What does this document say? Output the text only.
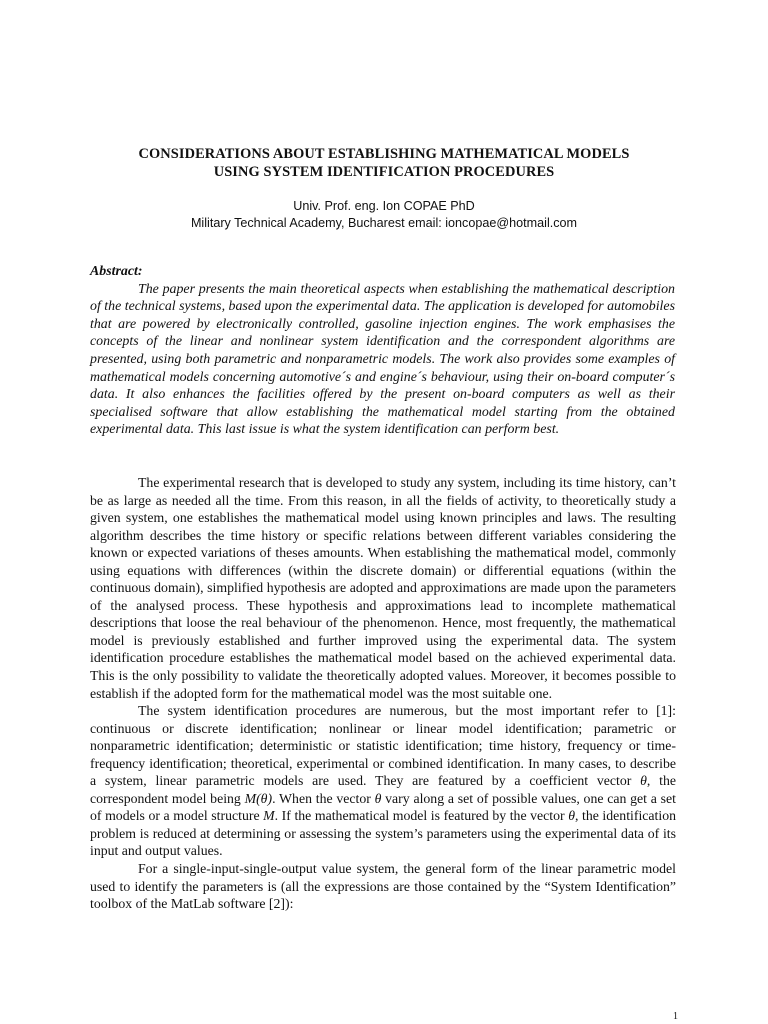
CONSIDERATIONS ABOUT ESTABLISHING MATHEMATICAL MODELS
USING SYSTEM IDENTIFICATION PROCEDURES
Univ. Prof. eng. Ion COPAE PhD
Military Technical Academy, Bucharest email: ioncopae@hotmail.com
Abstract:

The paper presents the main theoretical aspects when establishing the mathematical description of the technical systems, based upon the experimental data. The application is developed for automobiles that are powered by electronically controlled, gasoline injection engines. The work emphasises the concepts of the linear and nonlinear system identification and the correspondent algorithms are presented, using both parametric and nonparametric models. The work also provides some examples of mathematical models concerning automotive´s and engine´s behaviour, using their on-board computer´s data. It also enhances the facilities offered by the present on-board computers as well as their specialised software that allow establishing the mathematical model starting from the obtained experimental data. This last issue is what the system identification can perform best.

The experimental research that is developed to study any system, including its time history, can’t be as large as needed all the time. From this reason, in all the fields of activity, to theoretically study a given system, one establishes the mathematical model using known principles and laws. The resulting algorithm describes the time history or specific relations between different variables considering the known or expected variations of theses amounts. When establishing the mathematical model, commonly using equations with differences (within the discrete domain) or differential equations (within the continuous domain), simplified hypothesis are adopted and approximations are made upon the parameters of the analysed process. These hypothesis and approximations lead to incomplete mathematical descriptions that loose the real behaviour of the phenomenon. Hence, most frequently, the mathematical model is previously established and further improved using the experimental data. The system identification procedure establishes the mathematical model based on the achieved experimental data. This is the only possibility to validate the theoretically adopted values. Moreover, it becomes possible to establish if the adopted form for the mathematical model was the most suitable one.

The system identification procedures are numerous, but the most important refer to [1]: continuous or discrete identification; nonlinear or linear model identification; parametric or nonparametric identification; deterministic or statistic identification; time history, frequency or time-frequency identification; theoretical, experimental or combined identification. In many cases, to describe a system, linear parametric models are used. They are featured by a coefficient vector θ, the correspondent model being M(θ). When the vector θ vary along a set of possible values, one can get a set of models or a model structure M. If the mathematical model is featured by the vector θ, the identification problem is reduced at determining or assessing the system’s parameters using the experimental data of its input and output values.

For a single-input-single-output value system, the general form of the linear parametric model used to identify the parameters is (all the expressions are those contained by the “System Identification” toolbox of the MatLab software [2]):

1
